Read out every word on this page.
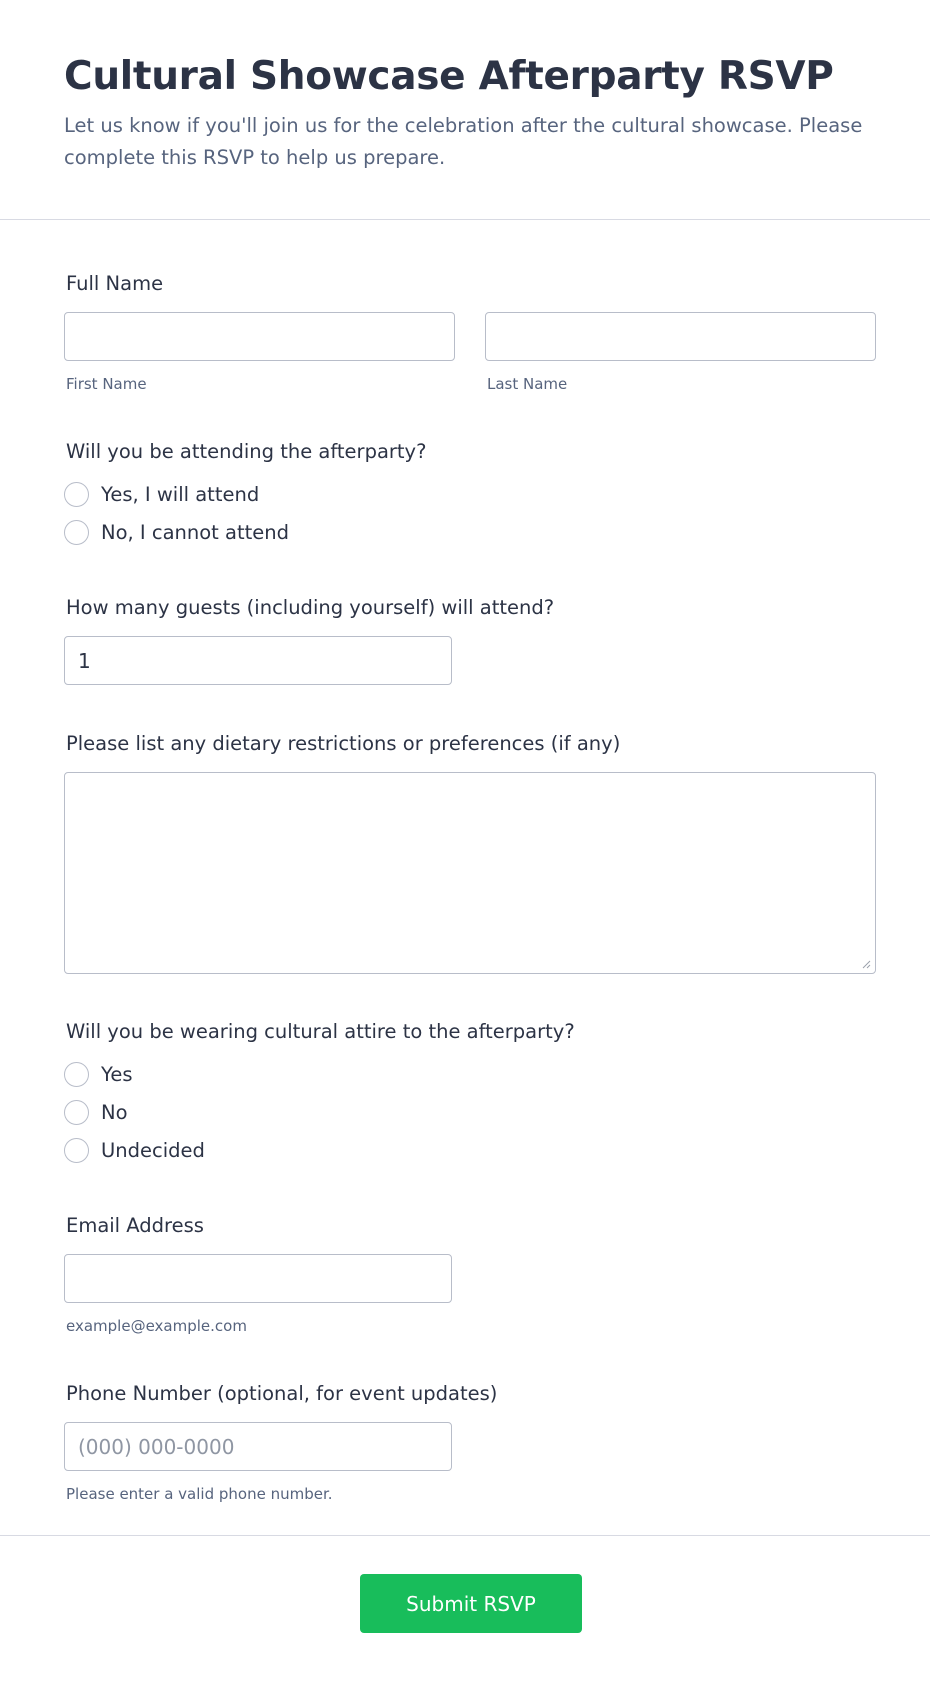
Cultural Showcase Afterparty RSVP

Let us know if you'll join us for the celebration after the cultural showcase. Please complete this RSVP to help us prepare.

Full Name
First Name	Last Name
Will you be attending the afterparty?
Yes, I will attend
No, I cannot attend
How many guests (including yourself) will attend?
1
Please list any dietary restrictions or preferences (if any)
Will you be wearing cultural attire to the afterparty?
Yes
No
Undecided
Email Address
example@example.com
Phone Number (optional, for event updates)
(000) 000-0000
Please enter a valid phone number.
Submit RSVP
